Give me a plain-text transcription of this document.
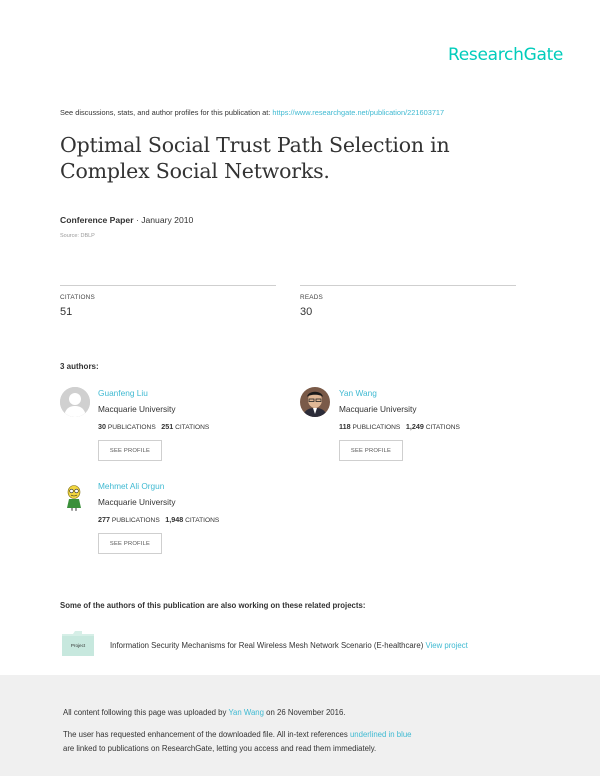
ResearchGate
See discussions, stats, and author profiles for this publication at: https://www.researchgate.net/publication/221603717
Optimal Social Trust Path Selection in Complex Social Networks.
Conference Paper · January 2010
Source: DBLP
CITATIONS
51
READS
30
3 authors:
Guanfeng Liu
Macquarie University
30 PUBLICATIONS 251 CITATIONS
SEE PROFILE
Yan Wang
Macquarie University
118 PUBLICATIONS 1,249 CITATIONS
SEE PROFILE
Mehmet Ali Orgun
Macquarie University
277 PUBLICATIONS 1,948 CITATIONS
SEE PROFILE
Some of the authors of this publication are also working on these related projects:
Project	Information Security Mechanisms for Real Wireless Mesh Network Scenario (E-healthcare) View project
All content following this page was uploaded by Yan Wang on 26 November 2016.
The user has requested enhancement of the downloaded file. All in-text references underlined in blue
are linked to publications on ResearchGate, letting you access and read them immediately.
